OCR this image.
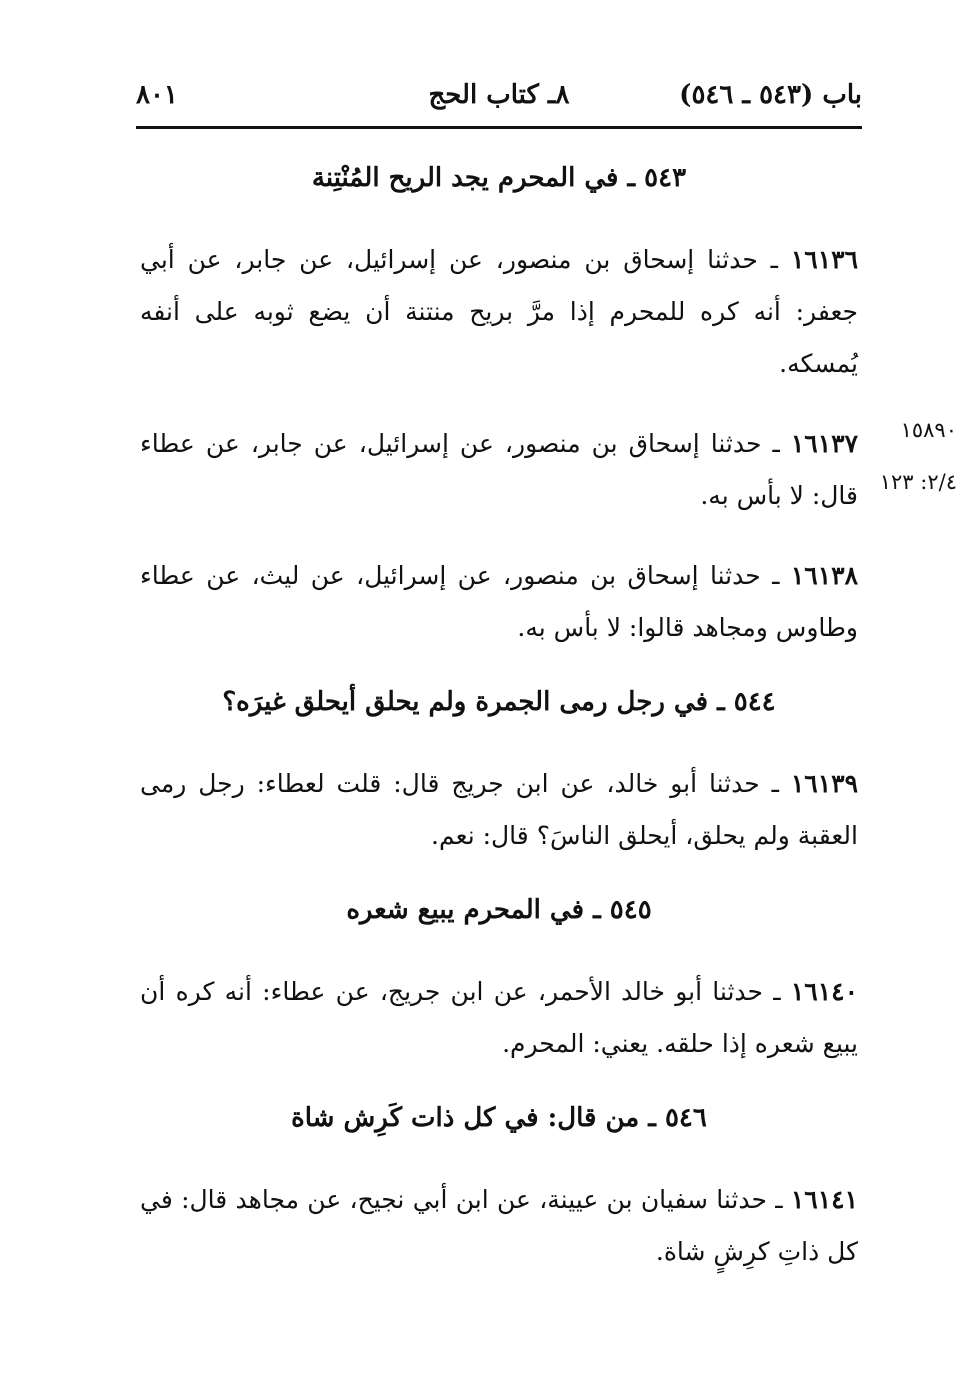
باب (٥٤٣ ـ ٥٤٦)
٨ـ كتاب الحج
٨٠١
١٥٨٩٠
٢/٤: ١٢٣
٥٤٣ ـ في المحرم يجد الريح المُنْتِنة

١٦١٣٦ ـ حدثنا إسحاق بن منصور، عن إسرائيل، عن جابر، عن أبي جعفر: أنه كره للمحرم إذا مرَّ بريح منتنة أن يضع ثوبه على أنفه يُمسكه.

١٦١٣٧ ـ حدثنا إسحاق بن منصور، عن إسرائيل، عن جابر، عن عطاء قال: لا بأس به.

١٦١٣٨ ـ حدثنا إسحاق بن منصور، عن إسرائيل، عن ليث، عن عطاء وطاوس ومجاهد قالوا: لا بأس به.

٥٤٤ ـ في رجل رمى الجمرة ولم يحلق أيحلق غيرَه؟

١٦١٣٩ ـ حدثنا أبو خالد، عن ابن جريج قال: قلت لعطاء: رجل رمى العقبة ولم يحلق، أيحلق الناسَ؟ قال: نعم.

٥٤٥ ـ في المحرم يبيع شعره

١٦١٤٠ ـ حدثنا أبو خالد الأحمر، عن ابن جريج، عن عطاء: أنه كره أن يبيع شعره إذا حلقه. يعني: المحرم.

٥٤٦ ـ من قال: في كل ذات كَرِش شاة

١٦١٤١ ـ حدثنا سفيان بن عيينة، عن ابن أبي نجيح، عن مجاهد قال: في كل ذاتِ كرِشٍ شاة.
